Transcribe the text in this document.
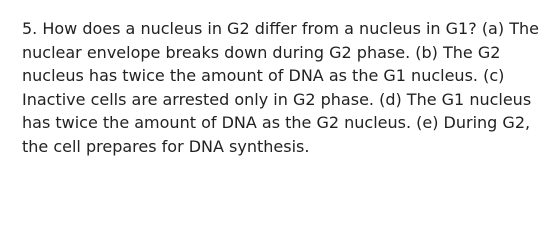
5. How does a nucleus in G2 differ from a nucleus in G1? (a) The nuclear envelope breaks down during G2 phase. (b) The G2 nucleus has twice the amount of DNA as the G1 nucleus. (c) Inactive cells are arrested only in G2 phase. (d) The G1 nucleus has twice the amount of DNA as the G2 nucleus. (e) During G2, the cell prepares for DNA synthesis.
